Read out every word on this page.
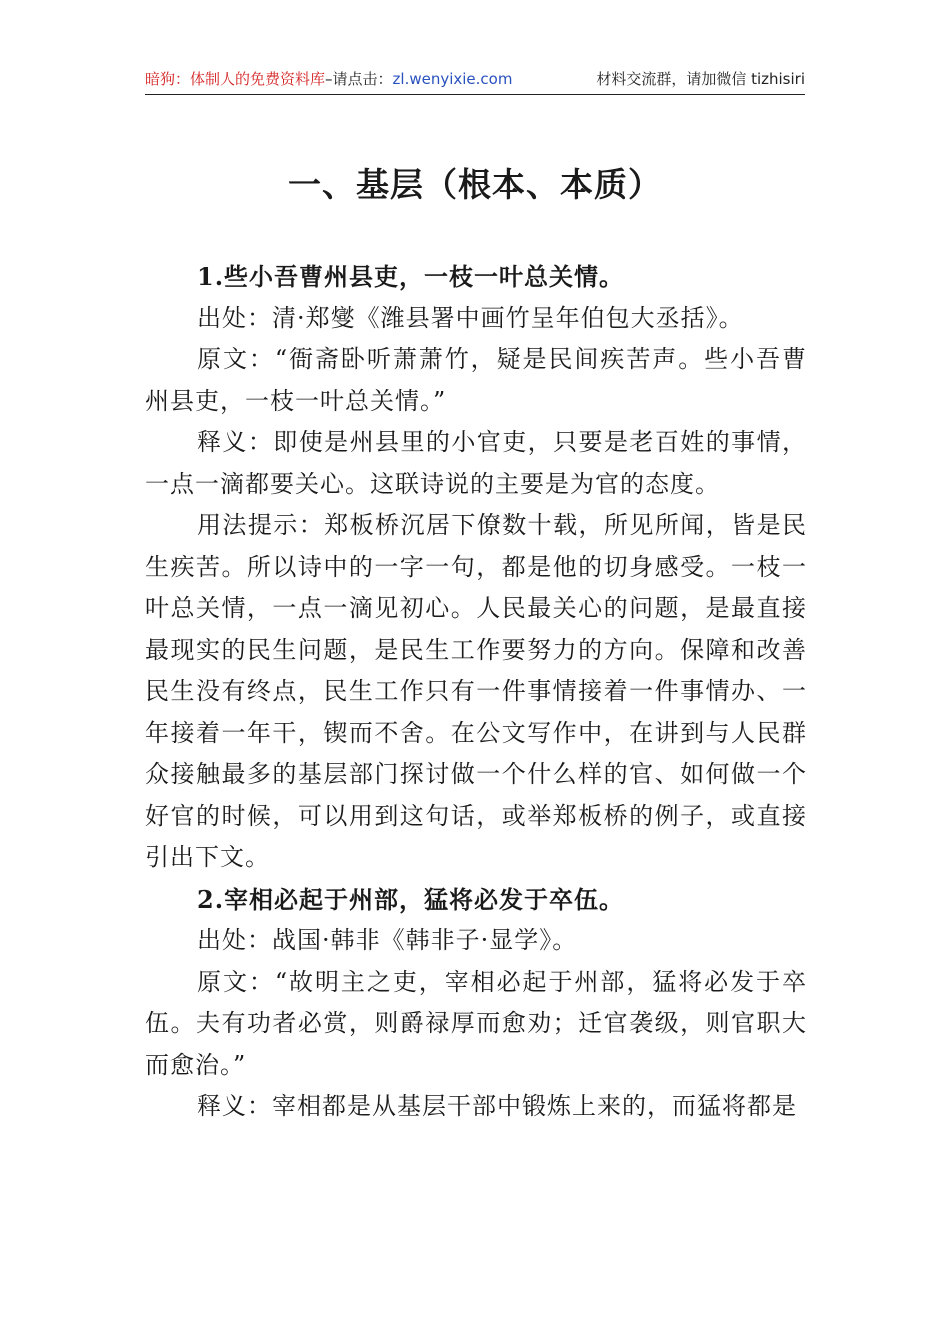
暗狗：体制人的免费资料库–请点击：zl.wenyixie.com	材料交流群，请加微信 tizhisiri
一、基层（根本、本质）

1.些小吾曹州县吏，一枝一叶总关情。

出处：清·郑燮《潍县署中画竹呈年伯包大丞括》。

原文：“衙斋卧听萧萧竹，疑是民间疾苦声。些小吾曹州县吏，一枝一叶总关情。”

释义：即使是州县里的小官吏，只要是老百姓的事情，一点一滴都要关心。这联诗说的主要是为官的态度。

用法提示：郑板桥沉居下僚数十载，所见所闻，皆是民生疾苦。所以诗中的一字一句，都是他的切身感受。一枝一叶总关情，一点一滴见初心。人民最关心的问题，是最直接最现实的民生问题，是民生工作要努力的方向。保障和改善民生没有终点，民生工作只有一件事情接着一件事情办、一年接着一年干，锲而不舍。在公文写作中，在讲到与人民群众接触最多的基层部门探讨做一个什么样的官、如何做一个好官的时候，可以用到这句话，或举郑板桥的例子，或直接引出下文。

2.宰相必起于州部，猛将必发于卒伍。

出处：战国·韩非《韩非子·显学》。

原文：“故明主之吏，宰相必起于州部，猛将必发于卒伍。夫有功者必赏，则爵禄厚而愈劝；迁官袭级，则官职大而愈治。”

释义：宰相都是从基层干部中锻炼上来的，而猛将都是
